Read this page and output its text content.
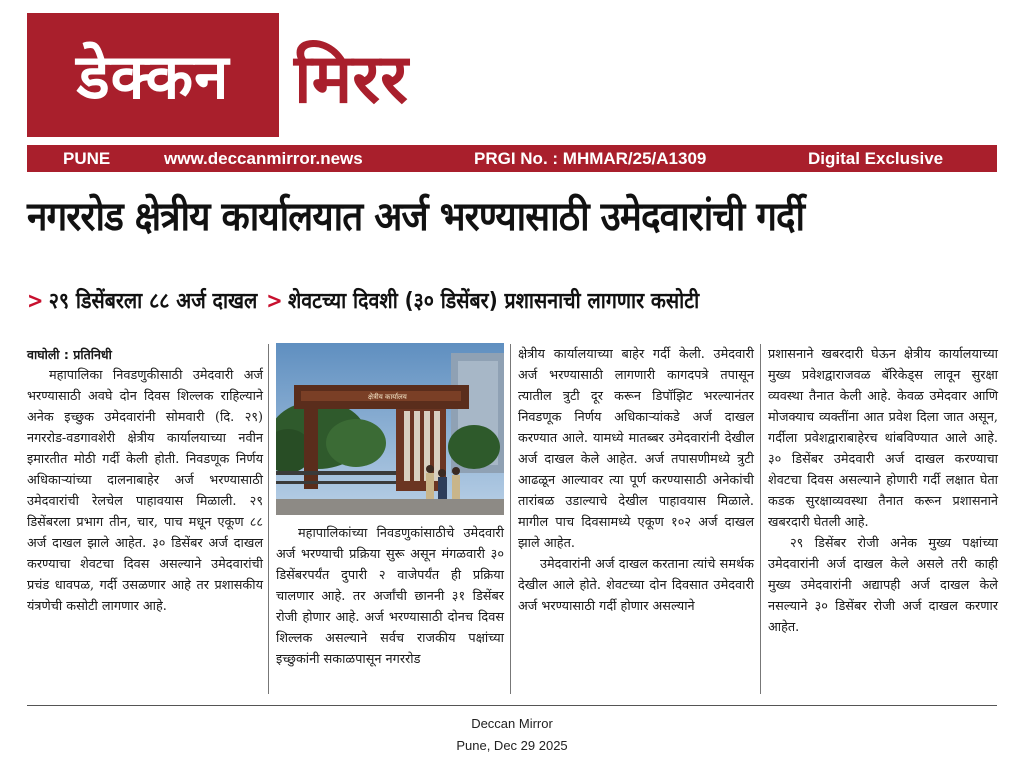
डेक्कन मिरर
PUNE	www.deccanmirror.news	PRGI No. : MHMAR/25/A1309	Digital Exclusive
नगररोड क्षेत्रीय कार्यालयात अर्ज भरण्यासाठी उमेदवारांची गर्दी
> २९ डिसेंबरला ८८ अर्ज दाखल > शेवटच्या दिवशी (३० डिसेंबर) प्रशासनाची लागणार कसोटी
वाघोली : प्रतिनिधी

महापालिका निवडणुकीसाठी उमेदवारी अर्ज भरण्यासाठी अवघे दोन दिवस शिल्लक राहिल्याने अनेक इच्छुक उमेदवारांनी सोमवारी (दि. २९) नगररोड-वडगावशेरी क्षेत्रीय कार्यालयाच्या नवीन इमारतीत मोठी गर्दी केली होती. निवडणूक निर्णय अधिकाऱ्यांच्या दालनाबाहेर अर्ज भरण्यासाठी उमेदवारांची रेलचेल पाहावयास मिळाली. २९ डिसेंबरला प्रभाग तीन, चार, पाच मधून एकूण ८८ अर्ज दाखल झाले आहेत. ३० डिसेंबर अर्ज दाखल करण्याचा शेवटचा दिवस असल्याने उमेदवारांची प्रचंड धावपळ, गर्दी उसळणार आहे तर प्रशासकीय यंत्रणेची कसोटी लागणार आहे.

क्षेत्रीय कार्यालय

महापालिकांच्या निवडणुकांसाठीचे उमेदवारी अर्ज भरण्याची प्रक्रिया सुरू असून मंगळवारी ३० डिसेंबरपर्यंत दुपारी २ वाजेपर्यंत ही प्रक्रिया चालणार आहे. तर अर्जांची छाननी ३१ डिसेंबर रोजी होणार आहे. अर्ज भरण्यासाठी दोनच दिवस शिल्लक असल्याने सर्वच राजकीय पक्षांच्या इच्छुकांनी सकाळपासून नगररोड

क्षेत्रीय कार्यालयाच्या बाहेर गर्दी केली. उमेदवारी अर्ज भरण्यासाठी लागणारी कागदपत्रे तपासून त्यातील त्रुटी दूर करून डिपॉझिट भरल्यानंतर निवडणूक निर्णय अधिकाऱ्यांकडे अर्ज दाखल करण्यात आले. यामध्ये मातब्बर उमेदवारांनी देखील अर्ज दाखल केले आहेत. अर्ज तपासणीमध्ये त्रुटी आढळून आल्यावर त्या पूर्ण करण्यासाठी अनेकांची तारांबळ उडाल्याचे देखील पाहावयास मिळाले. मागील पाच दिवसामध्ये एकूण १०२ अर्ज दाखल झाले आहेत.

उमेदवारांनी अर्ज दाखल करताना त्यांचे समर्थक देखील आले होते. शेवटच्या दोन दिवसात उमेदवारी अर्ज भरण्यासाठी गर्दी होणार असल्याने

प्रशासनाने खबरदारी घेऊन क्षेत्रीय कार्यालयाच्या मुख्य प्रवेशद्वाराजवळ बॅरिकेड्स लावून सुरक्षा व्यवस्था तैनात केली आहे. केवळ उमेदवार आणि मोजक्याच व्यक्तींना आत प्रवेश दिला जात असून, गर्दीला प्रवेशद्वाराबाहेरच थांबविण्यात आले आहे. ३० डिसेंबर उमेदवारी अर्ज दाखल करण्याचा शेवटचा दिवस असल्याने होणारी गर्दी लक्षात घेता कडक सुरक्षाव्यवस्था तैनात करून प्रशासनाने खबरदारी घेतली आहे.

२९ डिसेंबर रोजी अनेक मुख्य पक्षांच्या उमेदवारांनी अर्ज दाखल केले असले तरी काही मुख्य उमेदवारांनी अद्यापही अर्ज दाखल केले नसल्याने ३० डिसेंबर रोजी अर्ज दाखल करणार आहेत.

Deccan Mirror
Pune, Dec 29 2025
